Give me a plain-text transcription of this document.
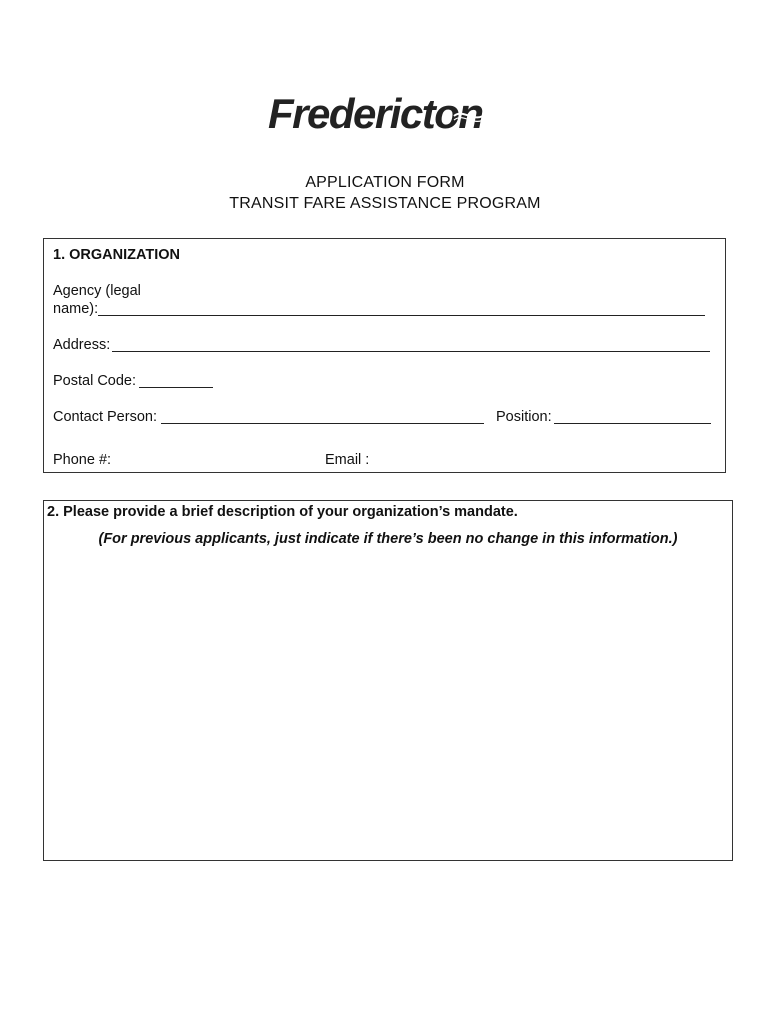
Fredericton
APPLICATION FORM
TRANSIT FARE ASSISTANCE PROGRAM
1. ORGANIZATION
Agency (legal
name):
Address:
Postal Code:
Contact Person:	Position:
Phone #:	Email :
2. Please provide a brief description of your organization’s mandate.
(For previous applicants, just indicate if there’s been no change in this information.)
